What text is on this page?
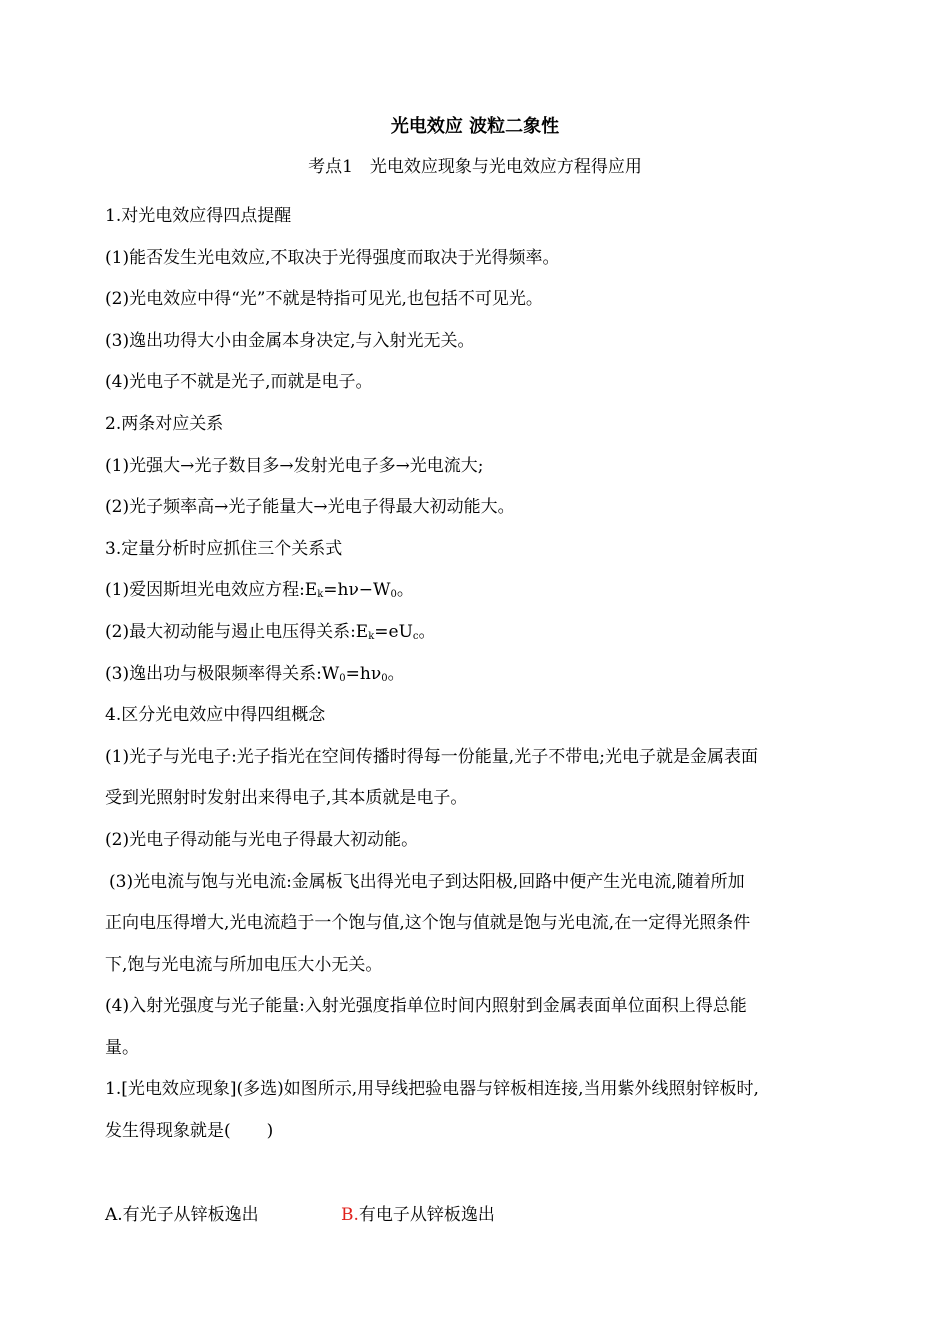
光电效应 波粒二象性
考点1　光电效应现象与光电效应方程得应用

1.对光电效应得四点提醒

(1)能否发生光电效应,不取决于光得强度而取决于光得频率。

(2)光电效应中得“光”不就是特指可见光,也包括不可见光。

(3)逸出功得大小由金属本身决定,与入射光无关。

(4)光电子不就是光子,而就是电子。

2.两条对应关系

(1)光强大→光子数目多→发射光电子多→光电流大;

(2)光子频率高→光子能量大→光电子得最大初动能大。

3.定量分析时应抓住三个关系式

(1)爱因斯坦光电效应方程$:E_k=h\nu-W_0$。

(2)最大初动能与遏止电压得关系$:E_k=eU_c$。

(3)逸出功与极限频率得关系$:W_0=h\nu_0$。

4.区分光电效应中得四组概念

(1)光子与光电子:光子指光在空间传播时得每一份能量,光子不带电;光电子就是金属表面

受到光照射时发射出来得电子,其本质就是电子。

(2)光电子得动能与光电子得最大初动能。

(3)光电流与饱与光电流:金属板飞出得光电子到达阳极,回路中便产生光电流,随着所加

正向电压得增大,光电流趋于一个饱与值,这个饱与值就是饱与光电流,在一定得光照条件

下,饱与光电流与所加电压大小无关。

(4)入射光强度与光子能量:入射光强度指单位时间内照射到金属表面单位面积上得总能

量。

1.[光电效应现象](多选)如图所示,用导线把验电器与锌板相连接,当用紫外线照射锌板时,

发生得现象就是( )

A.有光子从锌板逸出	B.有电子从锌板逸出
